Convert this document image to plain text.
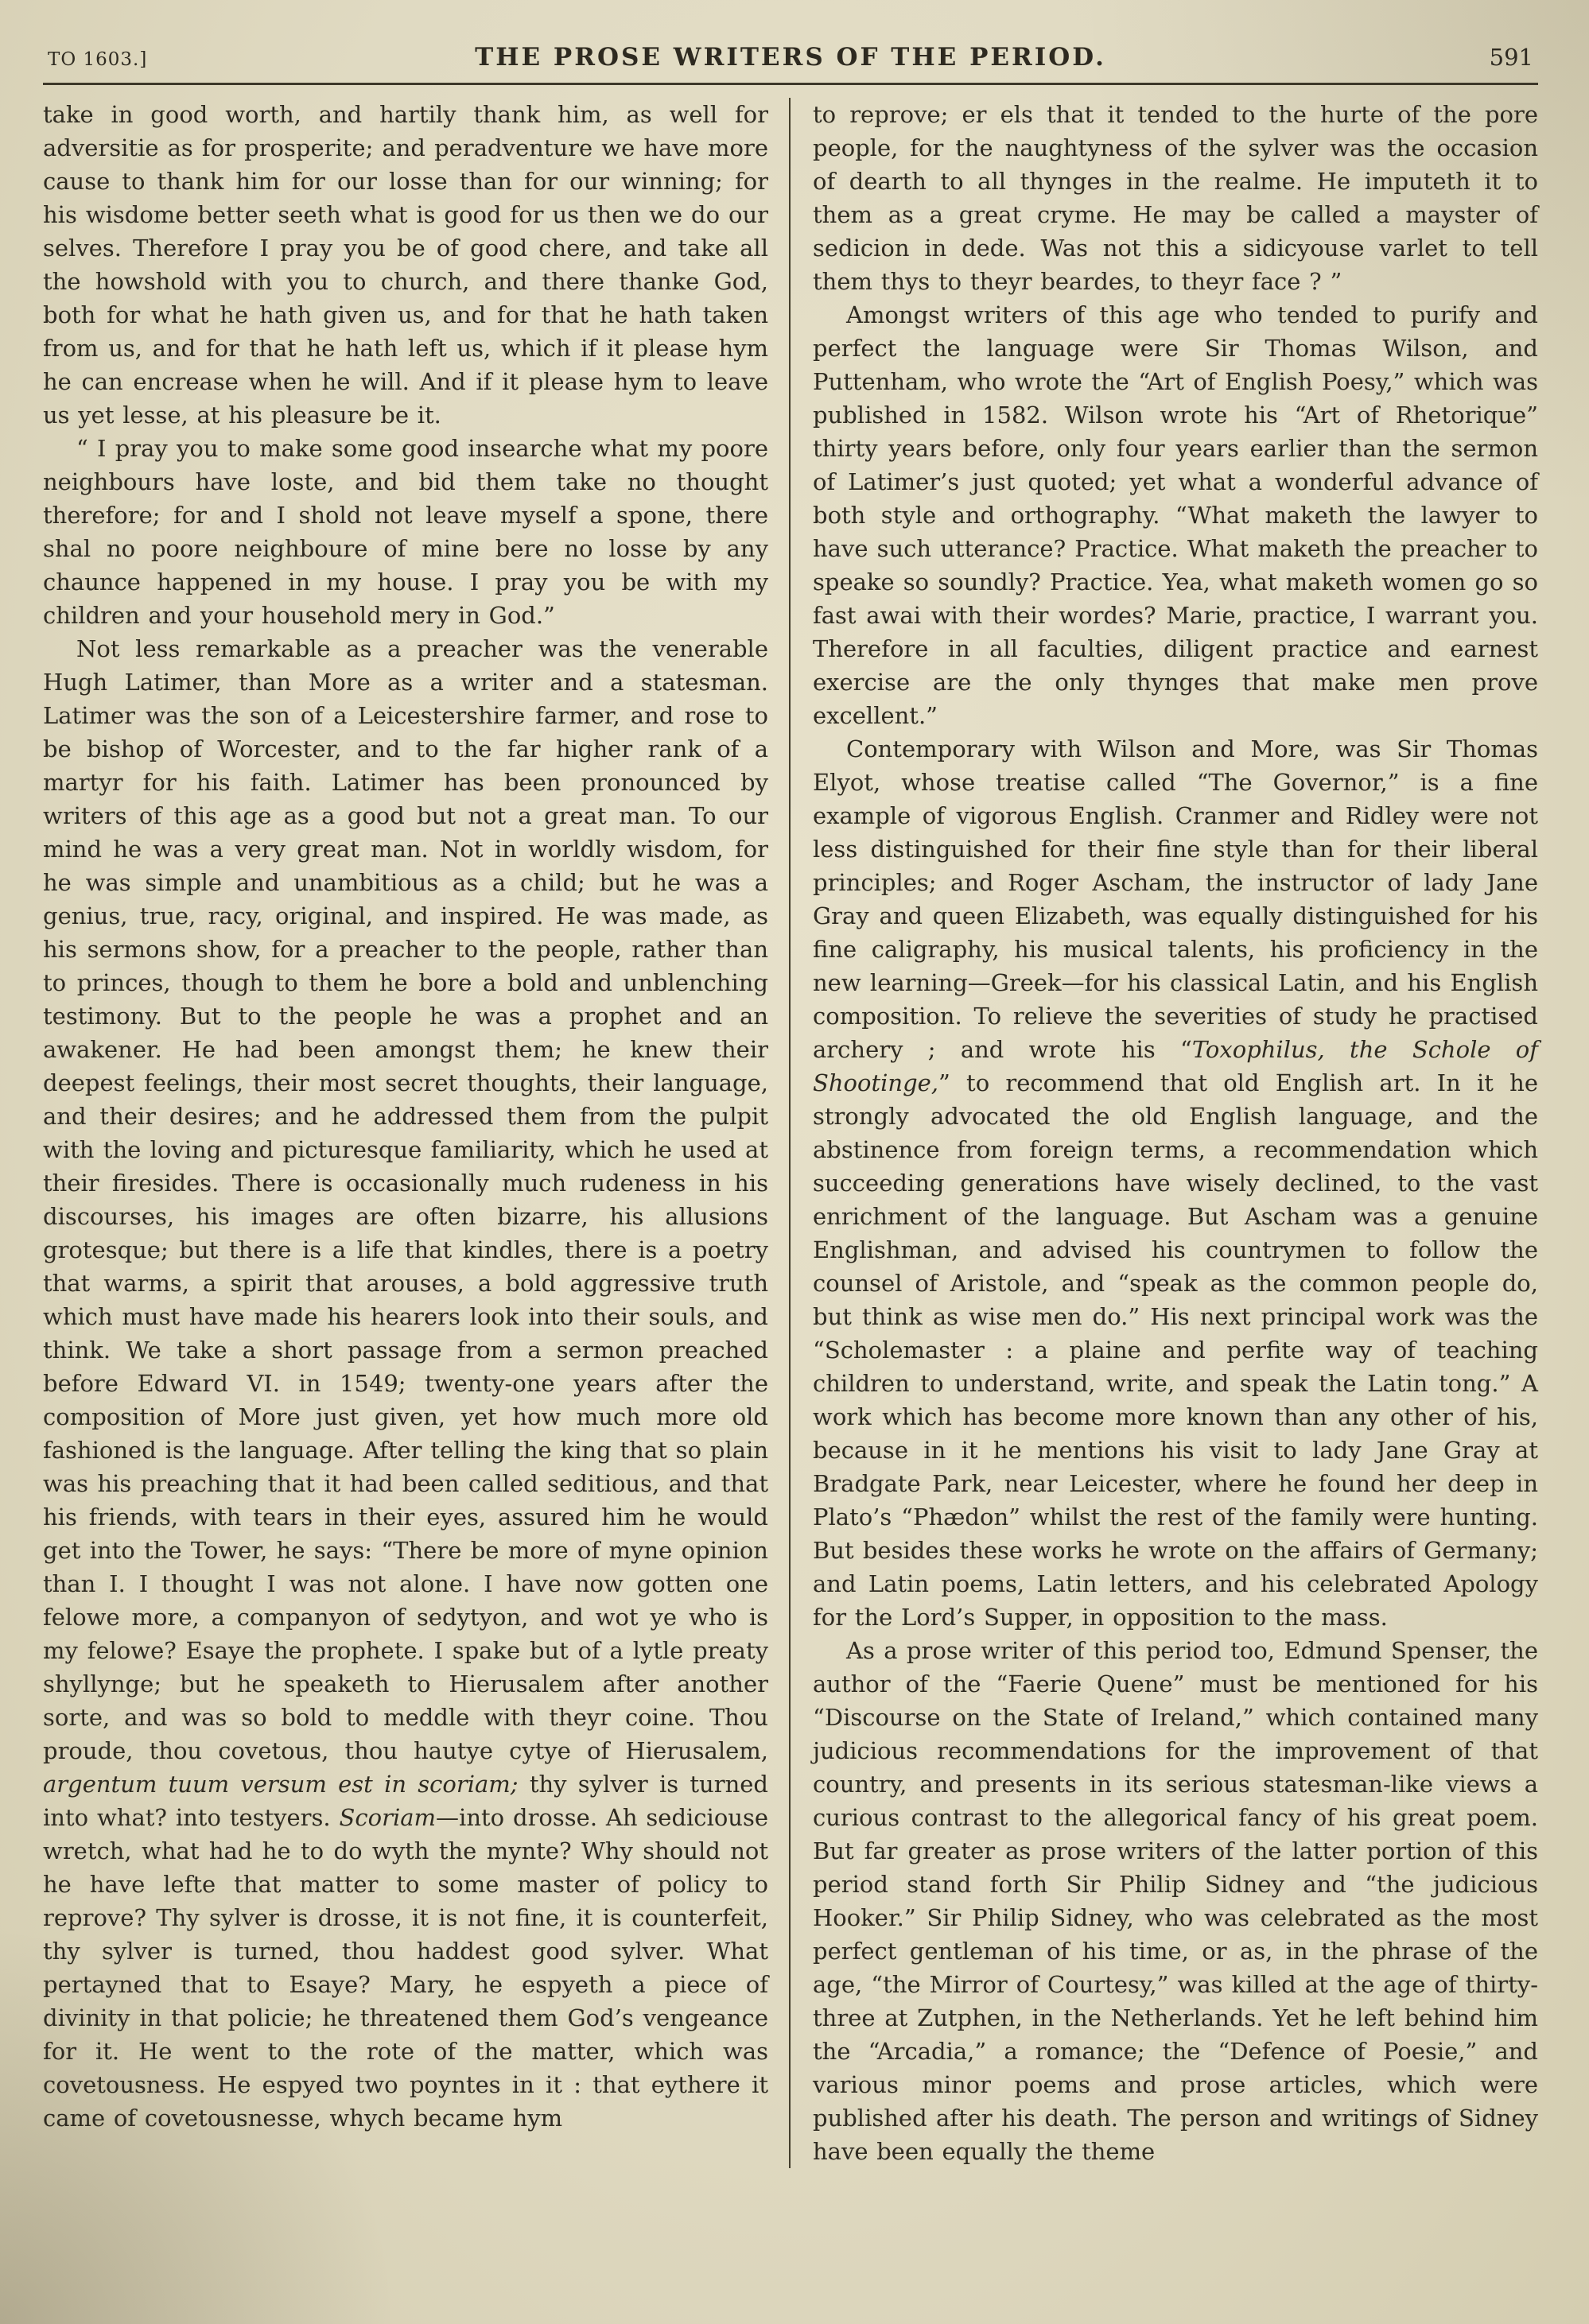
TO 1603.]	THE PROSE WRITERS OF THE PERIOD.	591

take in good worth, and hartily thank him, as well for adversitie as for prosperite; and peradventure we have more cause to thank him for our losse than for our winning; for his wisdome better seeth what is good for us then we do our selves. Therefore I pray you be of good chere, and take all the howshold with you to church, and there thanke God, both for what he hath given us, and for that he hath taken from us, and for that he hath left us, which if it please hym he can encrease when he will. And if it please hym to leave us yet lesse, at his pleasure be it.

“ I pray you to make some good insearche what my poore neighbours have loste, and bid them take no thought therefore; for and I shold not leave myself a spone, there shal no poore neighboure of mine bere no losse by any chaunce happened in my house. I pray you be with my children and your household mery in God.”

Not less remarkable as a preacher was the venerable Hugh Latimer, than More as a writer and a statesman. Latimer was the son of a Leicestershire farmer, and rose to be bishop of Worcester, and to the far higher rank of a martyr for his faith. Latimer has been pronounced by writers of this age as a good but not a great man. To our mind he was a very great man. Not in worldly wisdom, for he was simple and unambitious as a child; but he was a genius, true, racy, original, and inspired. He was made, as his sermons show, for a preacher to the people, rather than to princes, though to them he bore a bold and unblenching testimony. But to the people he was a prophet and an awakener. He had been amongst them; he knew their deepest feelings, their most secret thoughts, their language, and their desires; and he addressed them from the pulpit with the loving and picturesque familiarity, which he used at their firesides. There is occasionally much rudeness in his discourses, his images are often bizarre, his allusions grotesque; but there is a life that kindles, there is a poetry that warms, a spirit that arouses, a bold aggressive truth which must have made his hearers look into their souls, and think. We take a short passage from a sermon preached before Edward VI. in 1549; twenty-one years after the composition of More just given, yet how much more old fashioned is the language. After telling the king that so plain was his preaching that it had been called seditious, and that his friends, with tears in their eyes, assured him he would get into the Tower, he says: “There be more of myne opinion than I. I thought I was not alone. I have now gotten one felowe more, a companyon of sedytyon, and wot ye who is my felowe? Esaye the prophete. I spake but of a lytle preaty shyllynge; but he speaketh to Hierusalem after another sorte, and was so bold to meddle with theyr coine. Thou proude, thou covetous, thou hautye cytye of Hierusalem, argentum tuum versum est in scoriam; thy sylver is turned into what? into testyers. Scoriam—into drosse. Ah sediciouse wretch, what had he to do wyth the mynte? Why should not he have lefte that matter to some master of policy to reprove? Thy sylver is drosse, it is not fine, it is counterfeit, thy sylver is turned, thou haddest good sylver. What pertayned that to Esaye? Mary, he espyeth a piece of divinity in that policie; he threatened them God’s vengeance for it. He went to the rote of the matter, which was covetousness. He espyed two poyntes in it : that eythere it came of covetousnesse, whych became hym

to reprove; er els that it tended to the hurte of the pore people, for the naughtyness of the sylver was the occasion of dearth to all thynges in the realme. He imputeth it to them as a great cryme. He may be called a mayster of sedicion in dede. Was not this a sidicyouse varlet to tell them thys to theyr beardes, to theyr face ? ”

Amongst writers of this age who tended to purify and perfect the language were Sir Thomas Wilson, and Puttenham, who wrote the “Art of English Poesy,” which was published in 1582. Wilson wrote his “Art of Rhetorique” thirty years before, only four years earlier than the sermon of Latimer’s just quoted; yet what a wonderful advance of both style and orthography. “What maketh the lawyer to have such utterance? Practice. What maketh the preacher to speake so soundly? Practice. Yea, what maketh women go so fast awai with their wordes? Marie, practice, I warrant you. Therefore in all faculties, diligent practice and earnest exercise are the only thynges that make men prove excellent.”

Contemporary with Wilson and More, was Sir Thomas Elyot, whose treatise called “The Governor,” is a fine example of vigorous English. Cranmer and Ridley were not less distinguished for their fine style than for their liberal principles; and Roger Ascham, the instructor of lady Jane Gray and queen Elizabeth, was equally distinguished for his fine caligraphy, his musical talents, his proficiency in the new learning—Greek—for his classical Latin, and his English composition. To relieve the severities of study he practised archery ; and wrote his “Toxophilus, the Schole of Shootinge,” to recommend that old English art. In it he strongly advocated the old English language, and the abstinence from foreign terms, a recommendation which succeeding generations have wisely declined, to the vast enrichment of the language. But Ascham was a genuine Englishman, and advised his countrymen to follow the counsel of Aristole, and “speak as the common people do, but think as wise men do.” His next principal work was the “Scholemaster : a plaine and perfite way of teaching children to understand, write, and speak the Latin tong.” A work which has become more known than any other of his, because in it he mentions his visit to lady Jane Gray at Bradgate Park, near Leicester, where he found her deep in Plato’s “Phædon” whilst the rest of the family were hunting. But besides these works he wrote on the affairs of Germany; and Latin poems, Latin letters, and his celebrated Apology for the Lord’s Supper, in opposition to the mass.

As a prose writer of this period too, Edmund Spenser, the author of the “Faerie Quene” must be mentioned for his “Discourse on the State of Ireland,” which contained many judicious recommendations for the improvement of that country, and presents in its serious statesman-like views a curious contrast to the allegorical fancy of his great poem. But far greater as prose writers of the latter portion of this period stand forth Sir Philip Sidney and “the judicious Hooker.” Sir Philip Sidney, who was celebrated as the most perfect gentleman of his time, or as, in the phrase of the age, “the Mirror of Courtesy,” was killed at the age of thirty-three at Zutphen, in the Netherlands. Yet he left behind him the “Arcadia,” a romance; the “Defence of Poesie,” and various minor poems and prose articles, which were published after his death. The person and writings of Sidney have been equally the theme
